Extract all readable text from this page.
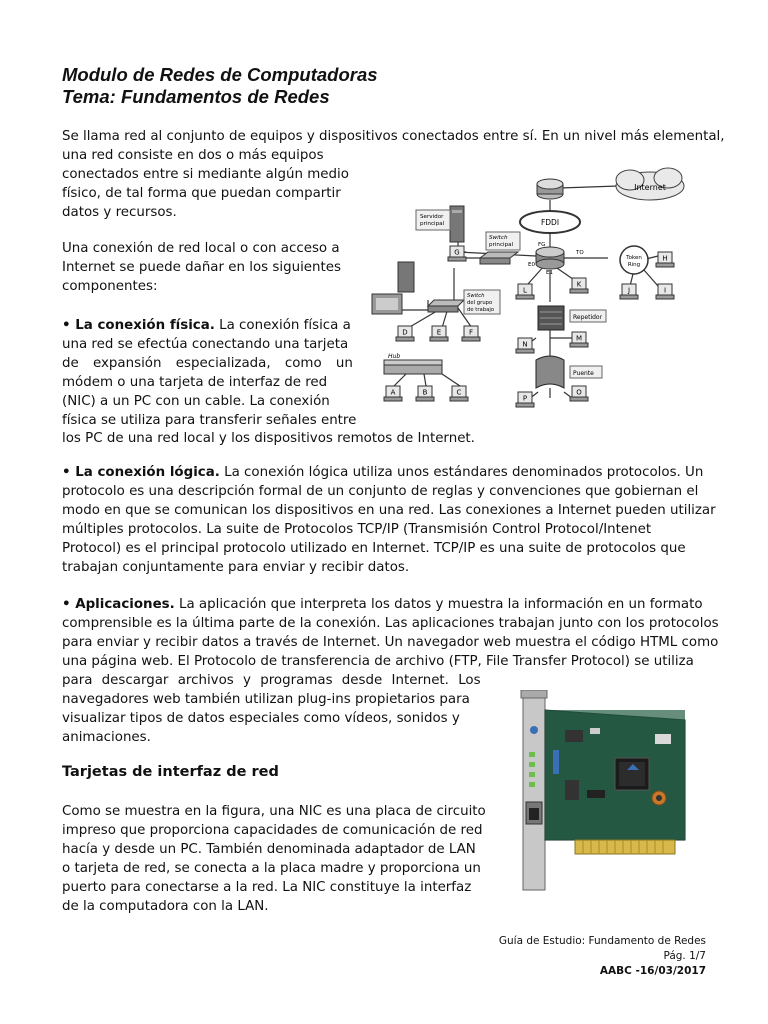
Modulo de Redes de Computadoras
Tema: Fundamentos de Redes
Se llama red al conjunto de equipos y dispositivos conectados entre sí. En un nivel más elemental,
una red consiste en dos o más equipos
conectados entre si mediante algún medio
físico, de tal forma que puedan compartir
datos y recursos.
Una conexión de red local o con acceso a
Internet se puede dañar en los siguientes
componentes:
• La conexión física. La conexión física a
una red se efectúa conectando una tarjeta
de expansión especializada, como un
módem o una tarjeta de interfaz de red
(NIC) a un PC con un cable. La conexión
física se utiliza para transferir señales entre
los PC de una red local y los dispositivos remotos de Internet.
Internet
FDDI
Servidor
principal
Switch
principal	FG
TO
E0
E1
Token
Ring
Switch
del grupo
de trabajo
Hub
Repetidor
Puente
A	B	C
D	E	F
G
H
I
J
K
L
M
N
O
P
• La conexión lógica. La conexión lógica utiliza unos estándares denominados protocolos. Un
protocolo es una descripción formal de un conjunto de reglas y convenciones que gobiernan el
modo en que se comunican los dispositivos en una red. Las conexiones a Internet pueden utilizar
múltiples protocolos. La suite de Protocolos TCP/IP (Transmisión Control Protocol/Intenet
Protocol) es el principal protocolo utilizado en Internet. TCP/IP es una suite de protocolos que
trabajan conjuntamente para enviar y recibir datos.
• Aplicaciones. La aplicación que interpreta los datos y muestra la información en un formato
comprensible es la última parte de la conexión. Las aplicaciones trabajan junto con los protocolos
para enviar y recibir datos a través de Internet. Un navegador web muestra el código HTML como
una página web. El Protocolo de transferencia de archivo (FTP, File Transfer Protocol) se utiliza
para descargar archivos y programas desde Internet. Los
navegadores web también utilizan plug-ins propietarios para
visualizar tipos de datos especiales como vídeos, sonidos y
animaciones.
Tarjetas de interfaz de red
Como se muestra en la figura, una NIC es una placa de circuito
impreso que proporciona capacidades de comunicación de red
hacía y desde un PC. También denominada adaptador de LAN
o tarjeta de red, se conecta a la placa madre y proporciona un
puerto para conectarse a la red. La NIC constituye la interfaz
de la computadora con la LAN.
Guía de Estudio: Fundamento de Redes
Pág. 1/7
AABC -16/03/2017
